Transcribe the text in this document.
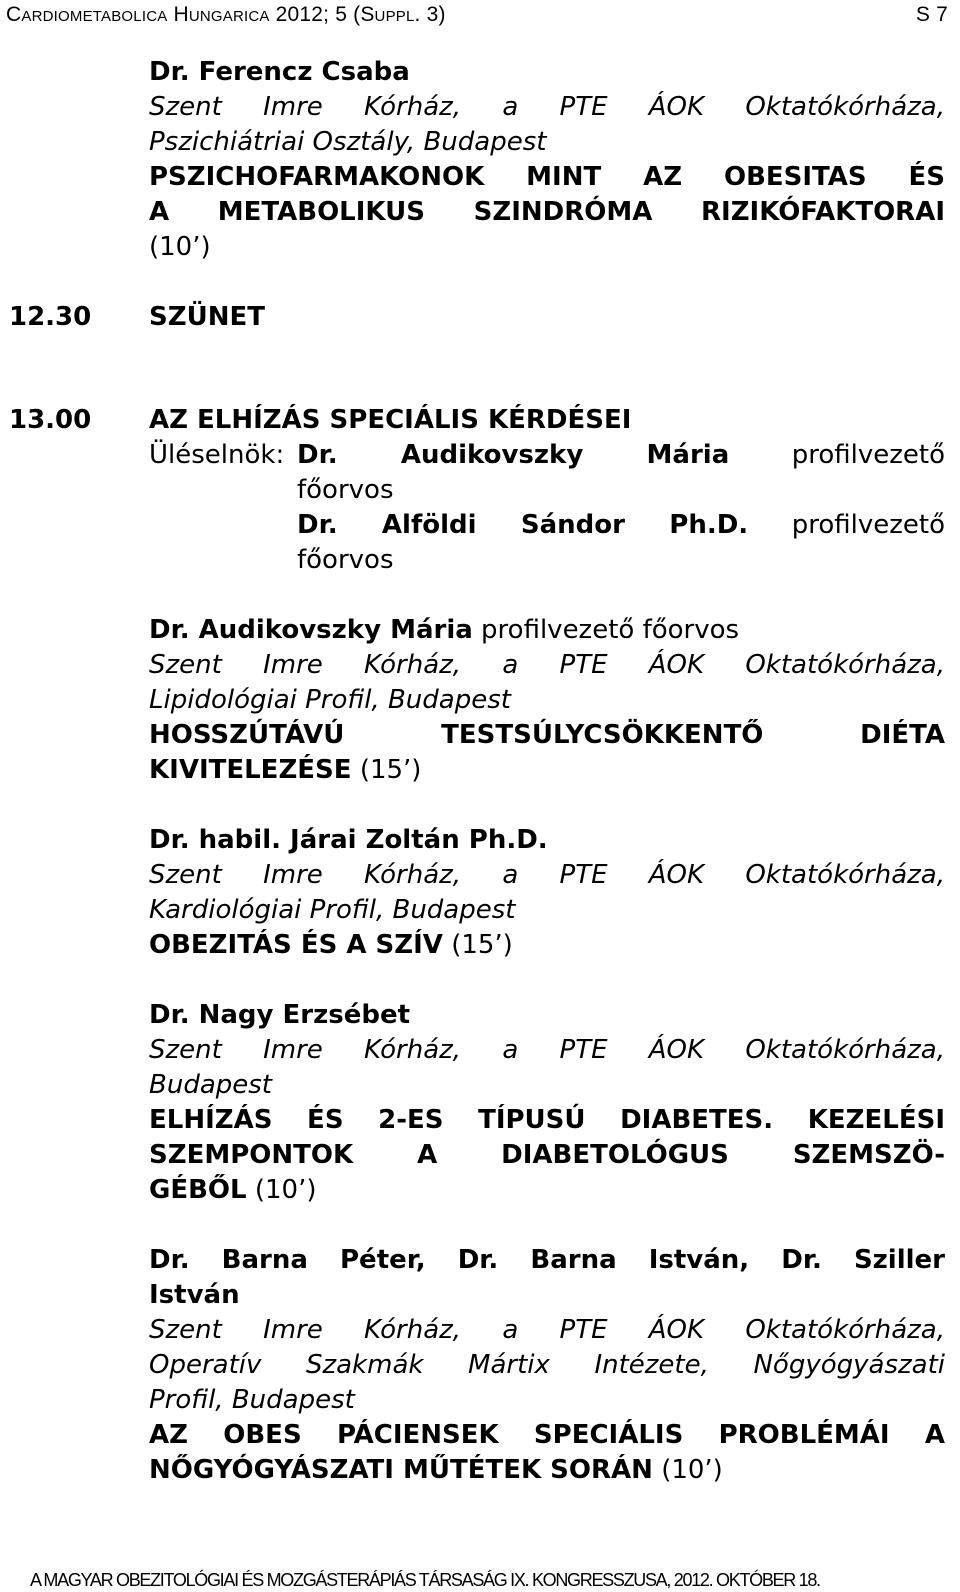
Cardiometabolica Hungarica 2012; 5 (Suppl. 3)	S 7
Dr. Ferencz Csaba
Szent Imre Kórház, a PTE ÁOK Oktatókórháza,
Pszichiátriai Osztály, Budapest
PSZICHOFARMAKONOK MINT AZ OBESITAS ÉS
A METABOLIKUS SZINDRÓMA RIZIKÓFAKTORAI
(10’)
12.30 SZÜNET
13.00 AZ ELHÍZÁS SPECIÁLIS KÉRDÉSEI
Üléselnök: Dr. Audikovszky Mária profilvezető
főorvos
Dr. Alföldi Sándor Ph.D. profilvezető
főorvos
Dr. Audikovszky Mária profilvezető főorvos
Szent Imre Kórház, a PTE ÁOK Oktatókórháza,
Lipidológiai Profil, Budapest
HOSSZÚTÁVÚ TESTSÚLYCSÖKKENTŐ DIÉTA
KIVITELEZÉSE (15’)
Dr. habil. Járai Zoltán Ph.D.
Szent Imre Kórház, a PTE ÁOK Oktatókórháza,
Kardiológiai Profil, Budapest
OBEZITÁS ÉS A SZÍV (15’)
Dr. Nagy Erzsébet
Szent Imre Kórház, a PTE ÁOK Oktatókórháza,
Budapest
ELHÍZÁS ÉS 2-ES TÍPUSÚ DIABETES. KEZELÉSI
SZEMPONTOK A DIABETOLÓGUS SZEMSZÖ-
GÉBŐL (10’)
Dr. Barna Péter, Dr. Barna István, Dr. Sziller
István
Szent Imre Kórház, a PTE ÁOK Oktatókórháza,
Operatív Szakmák Mártix Intézete, Nőgyógyászati
Profil, Budapest
AZ OBES PÁCIENSEK SPECIÁLIS PROBLÉMÁI A
NŐGYÓGYÁSZATI MŰTÉTEK SORÁN (10’)
A MAGYAR OBEZITOLÓGIAI ÉS MOZGÁSTERÁPIÁS TÁRSASÁG IX. KONGRESSZUSA, 2012. OKTÓBER 18.
